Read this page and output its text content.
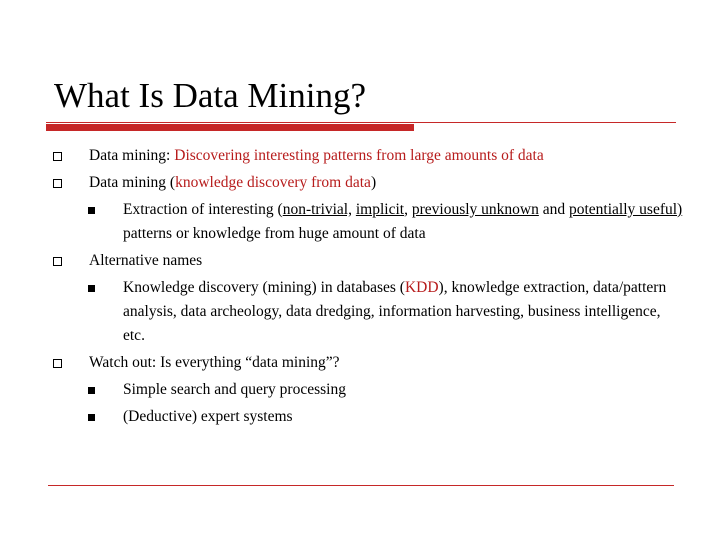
What Is Data Mining?
Data mining: Discovering interesting patterns from large amounts of data
Data mining (knowledge discovery from data)
Extraction of interesting (non-trivial, implicit, previously unknown and potentially useful) patterns or knowledge from huge amount of data
Alternative names
Knowledge discovery (mining) in databases (KDD), knowledge extraction, data/pattern analysis, data archeology, data dredging, information harvesting, business intelligence, etc.
Watch out: Is everything “data mining”?
Simple search and query processing
(Deductive) expert systems
